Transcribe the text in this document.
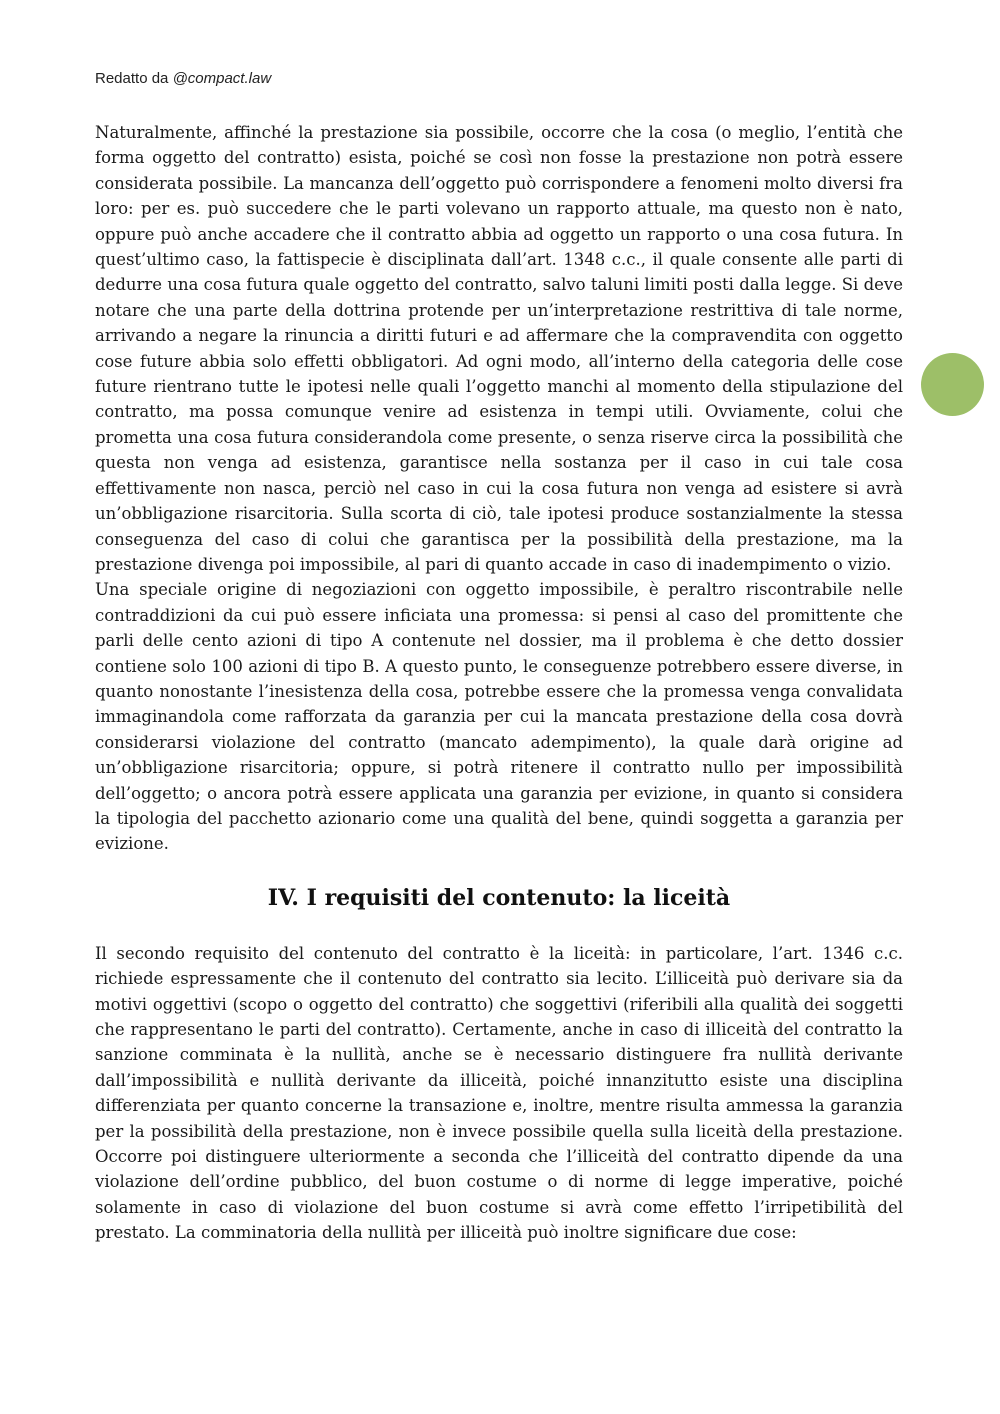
Redatto da @compact.law

Naturalmente, affinché la prestazione sia possibile, occorre che la cosa (o meglio, l’entità che forma oggetto del contratto) esista, poiché se così non fosse la prestazione non potrà essere considerata possibile. La mancanza dell’oggetto può corrispondere a fenomeni molto diversi fra loro: per es. può succedere che le parti volevano un rapporto attuale, ma questo non è nato, oppure può anche accadere che il contratto abbia ad oggetto un rapporto o una cosa futura. In quest’ultimo caso, la fattispecie è disciplinata dall’art. 1348 c.c., il quale consente alle parti di dedurre una cosa futura quale oggetto del contratto, salvo taluni limiti posti dalla legge. Si deve notare che una parte della dottrina protende per un’interpretazione restrittiva di tale norme, arrivando a negare la rinuncia a diritti futuri e ad affermare che la compravendita con oggetto cose future abbia solo effetti obbligatori. Ad ogni modo, all’interno della categoria delle cose future rientrano tutte le ipotesi nelle quali l’oggetto manchi al momento della stipulazione del contratto, ma possa comunque venire ad esistenza in tempi utili. Ovviamente, colui che prometta una cosa futura considerandola come presente, o senza riserve circa la possibilità che questa non venga ad esistenza, garantisce nella sostanza per il caso in cui tale cosa effettivamente non nasca, perciò nel caso in cui la cosa futura non venga ad esistere si avrà un’obbligazione risarcitoria. Sulla scorta di ciò, tale ipotesi produce sostanzialmente la stessa conseguenza del caso di colui che garantisca per la possibilità della prestazione, ma la prestazione divenga poi impossibile, al pari di quanto accade in caso di inadempimento o vizio.

Una speciale origine di negoziazioni con oggetto impossibile, è peraltro riscontrabile nelle contraddizioni da cui può essere inficiata una promessa: si pensi al caso del promittente che parli delle cento azioni di tipo A contenute nel dossier, ma il problema è che detto dossier contiene solo 100 azioni di tipo B. A questo punto, le conseguenze potrebbero essere diverse, in quanto nonostante l’inesistenza della cosa, potrebbe essere che la promessa venga convalidata immaginandola come rafforzata da garanzia per cui la mancata prestazione della cosa dovrà considerarsi violazione del contratto (mancato adempimento), la quale darà origine ad un’obbligazione risarcitoria; oppure, si potrà ritenere il contratto nullo per impossibilità dell’oggetto; o ancora potrà essere applicata una garanzia per evizione, in quanto si considera la tipologia del pacchetto azionario come una qualità del bene, quindi soggetta a garanzia per evizione.

IV. I requisiti del contenuto: la liceità

Il secondo requisito del contenuto del contratto è la liceità: in particolare, l’art. 1346 c.c. richiede espressamente che il contenuto del contratto sia lecito. L’illiceità può derivare sia da motivi oggettivi (scopo o oggetto del contratto) che soggettivi (riferibili alla qualità dei soggetti che rappresentano le parti del contratto). Certamente, anche in caso di illiceità del contratto la sanzione comminata è la nullità, anche se è necessario distinguere fra nullità derivante dall’impossibilità e nullità derivante da illiceità, poiché innanzitutto esiste una disciplina differenziata per quanto concerne la transazione e, inoltre, mentre risulta ammessa la garanzia per la possibilità della prestazione, non è invece possibile quella sulla liceità della prestazione. Occorre poi distinguere ulteriormente a seconda che l’illiceità del contratto dipende da una violazione dell’ordine pubblico, del buon costume o di norme di legge imperative, poiché solamente in caso di violazione del buon costume si avrà come effetto l’irripetibilità del prestato. La comminatoria della nullità per illiceità può inoltre significare due cose:
